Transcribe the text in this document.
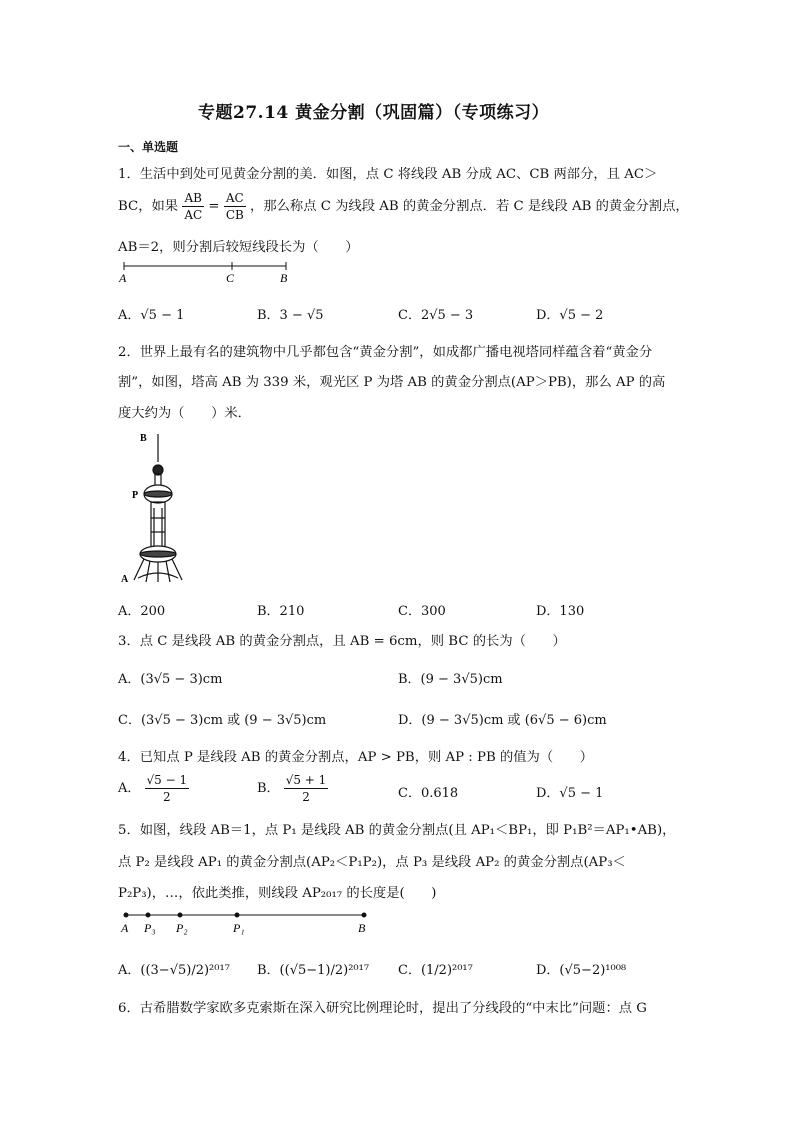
专题27.14 黄金分割（巩固篇）（专项练习）
一、单选题
1．生活中到处可见黄金分割的美．如图，点 C 将线段 AB 分成 AC、CB 两部分，且 AC＞
BC，如果 $\frac{AB}{AC} = \frac{AC}{CB}$ ，那么称点 C 为线段 AB 的黄金分割点．若 C 是线段 AB 的黄金分割点，
AB＝2，则分割后较短线段长为（　　）
A	C	B
A．√5 − 1	B．3 − √5	C．2√5 − 3	D．√5 − 2
2．世界上最有名的建筑物中几乎都包含“黄金分割”，如成都广播电视塔同样蕴含着“黄金分
割”，如图，塔高 AB 为 339 米，观光区 P 为塔 AB 的黄金分割点(AP＞PB)，那么 AP 的高
度大约为（　　）米．
B
P
A
A．200	B．210	C．300	D．130
3．点 C 是线段 AB 的黄金分割点，且 AB = 6cm，则 BC 的长为（　　）
A．(3√5 − 3)cm	B．(9 − 3√5)cm
C．(3√5 − 3)cm 或 (9 − 3√5)cm	D．(9 − 3√5)cm 或 (6√5 − 6)cm
4．已知点 P 是线段 AB 的黄金分割点，AP > PB，则 AP : PB 的值为（　　）
A． $\frac{√5 - 1}{2}$	B． $\frac{√5 + 1}{2}$	C．0.618	D．√5 − 1
5．如图，线段 AB＝1，点 P₁ 是线段 AB 的黄金分割点(且 AP₁＜BP₁，即 P₁B²＝AP₁•AB)，
点 P₂ 是线段 AP₁ 的黄金分割点(AP₂＜P₁P₂)，点 P₃ 是线段 AP₂ 的黄金分割点(AP₃＜
P₂P₃)，…，依此类推，则线段 AP₂₀₁₇ 的长度是(　　)
A P₃ P₂	P₁	B
A．((3−√5)/2)²⁰¹⁷ B．((√5−1)/2)²⁰¹⁷ C．(1/2)²⁰¹⁷	D．(√5−2)¹⁰⁰⁸
6．古希腊数学家欧多克索斯在深入研究比例理论时，提出了分线段的“中末比”问题：点 G
